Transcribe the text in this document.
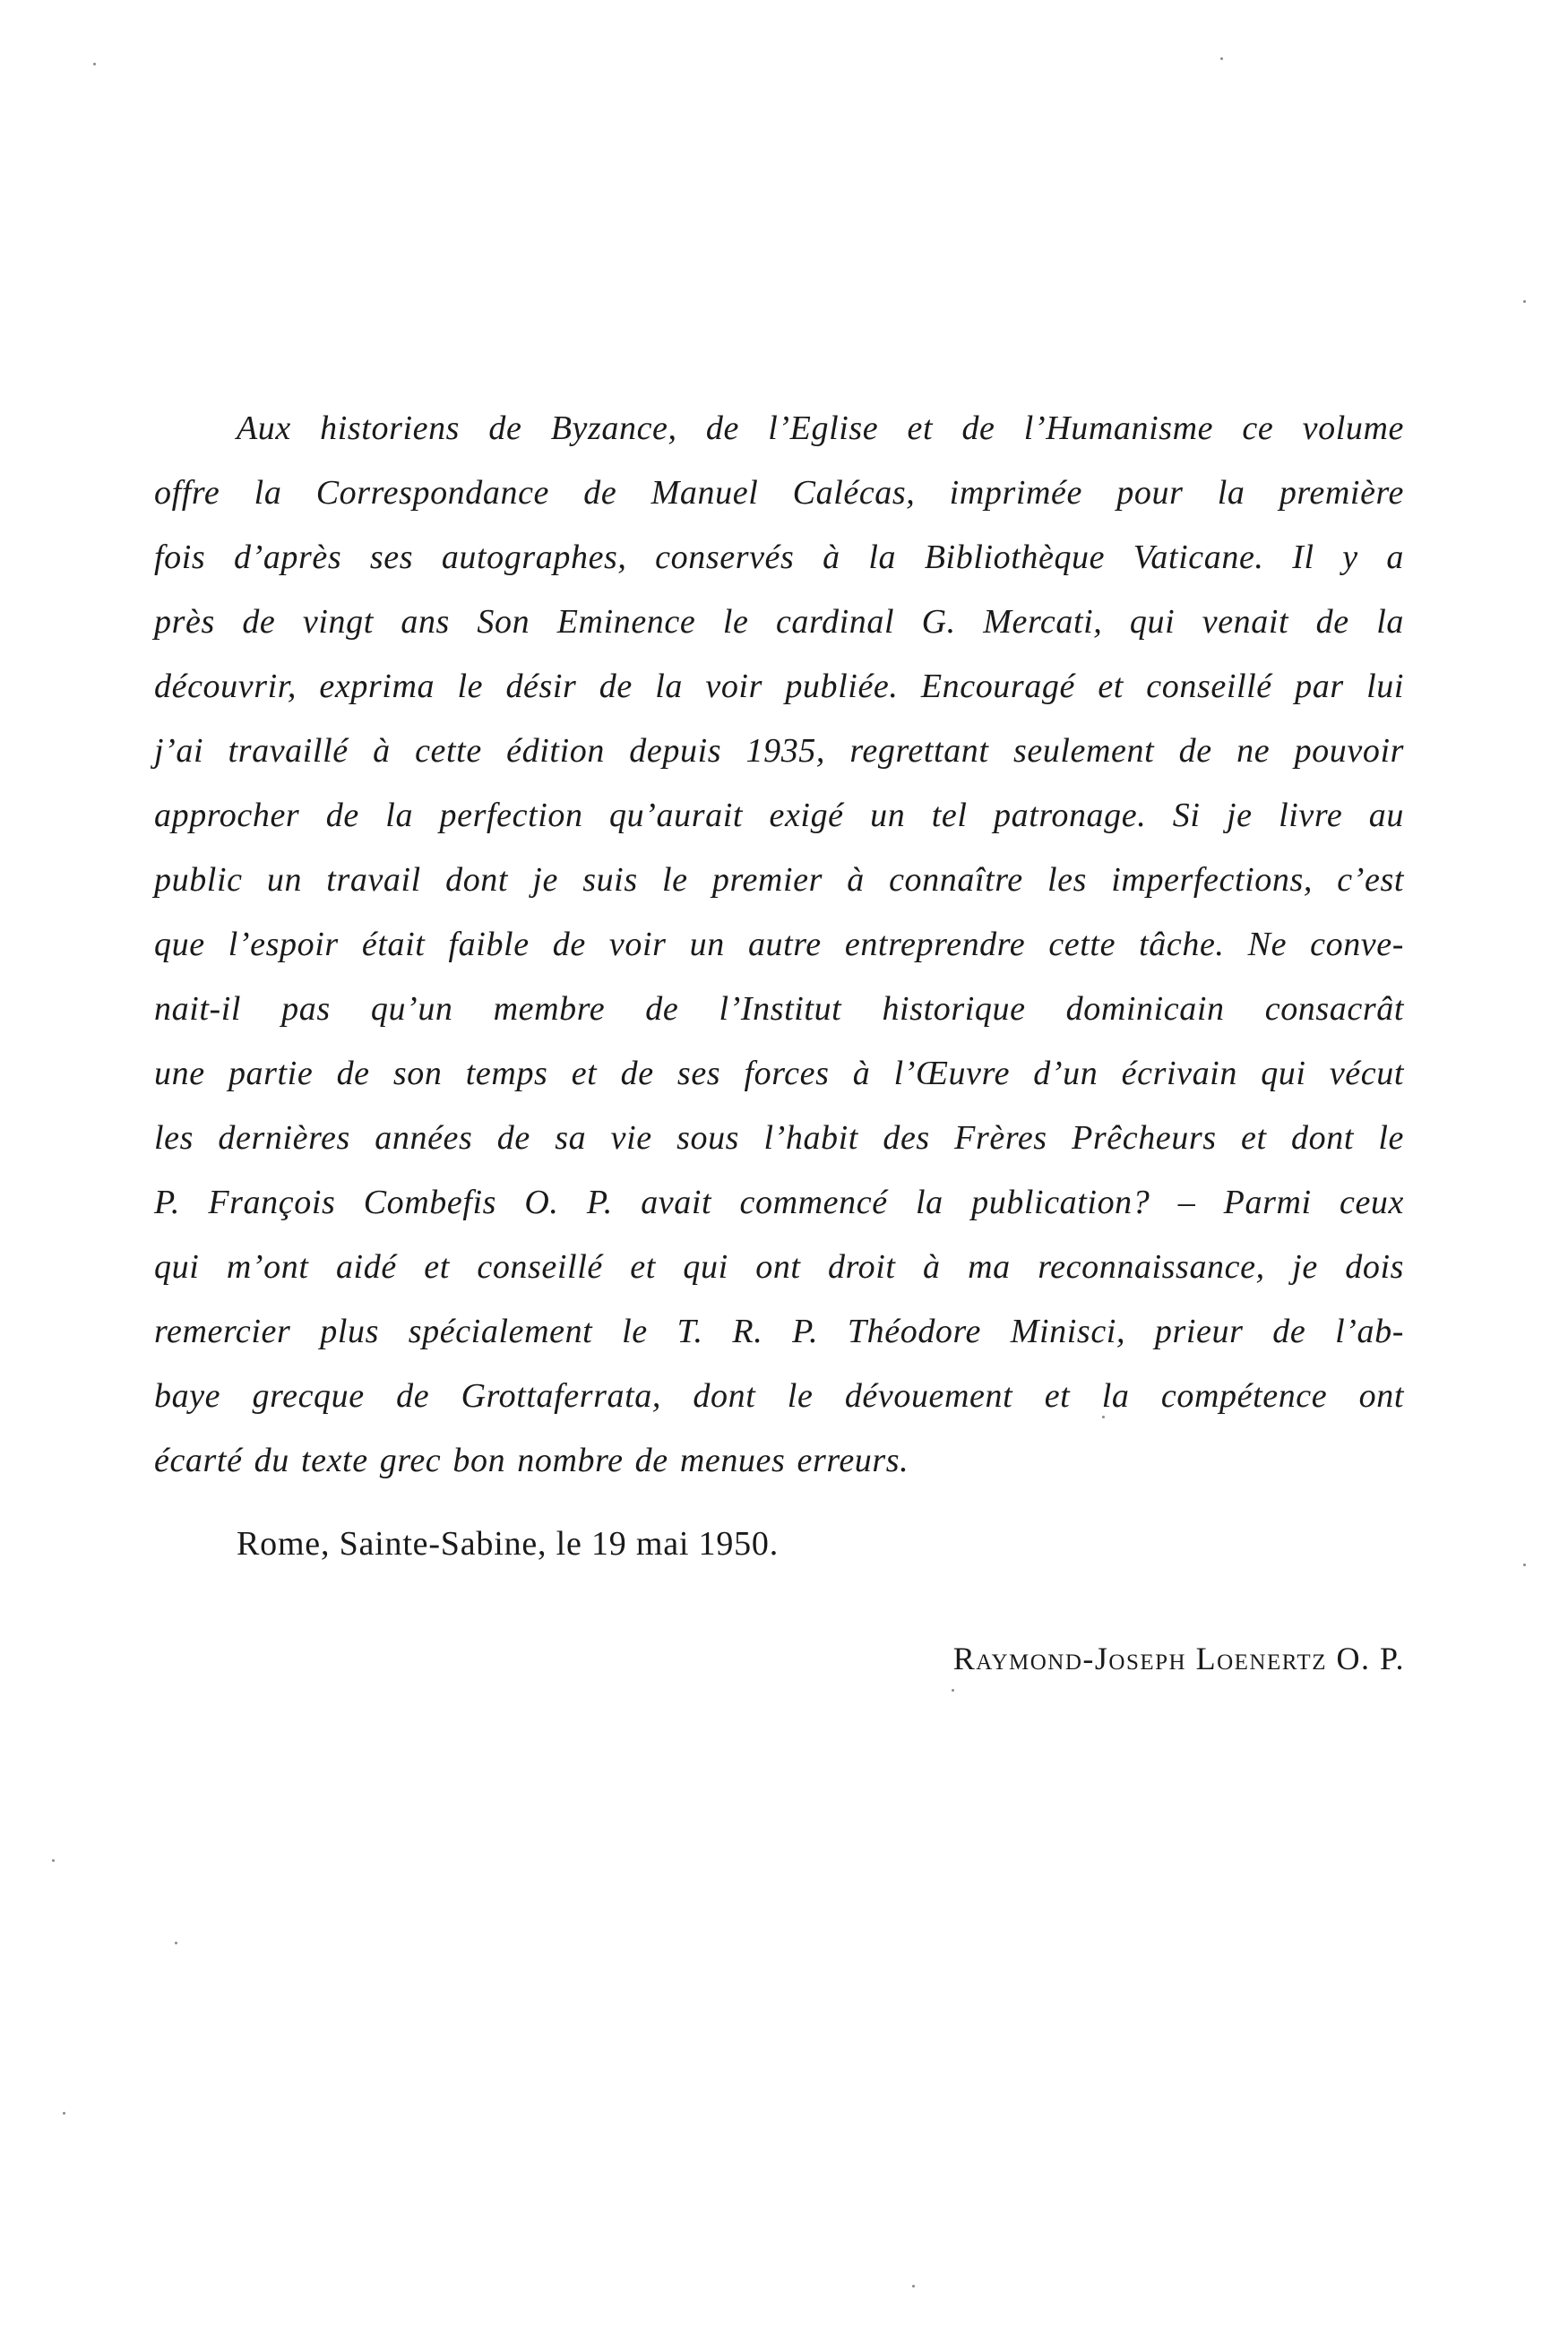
Aux historiens de Byzance, de l’Eglise et de l’Humanisme ce volume
offre la Correspondance de Manuel Calécas, imprimée pour la première
fois d’après ses autographes, conservés à la Bibliothèque Vaticane. Il y a
près de vingt ans Son Eminence le cardinal G. Mercati, qui venait de la
découvrir, exprima le désir de la voir publiée. Encouragé et conseillé par lui
j’ai travaillé à cette édition depuis 1935, regrettant seulement de ne pouvoir
approcher de la perfection qu’aurait exigé un tel patronage. Si je livre au
public un travail dont je suis le premier à connaître les imperfections, c’est
que l’espoir était faible de voir un autre entreprendre cette tâche. Ne conve-
nait-il pas qu’un membre de l’Institut historique dominicain consacrât
une partie de son temps et de ses forces à l’Œuvre d’un écrivain qui vécut
les dernières années de sa vie sous l’habit des Frères Prêcheurs et dont le
P. François Combefis O. P. avait commencé la publication? – Parmi ceux
qui m’ont aidé et conseillé et qui ont droit à ma reconnaissance, je dois
remercier plus spécialement le T. R. P. Théodore Minisci, prieur de l’ab-
baye grecque de Grottaferrata, dont le dévouement et la compétence ont
écarté du texte grec bon nombre de menues erreurs.
Rome, Sainte-Sabine, le 19 mai 1950.
Raymond-Joseph Loenertz O. P.
